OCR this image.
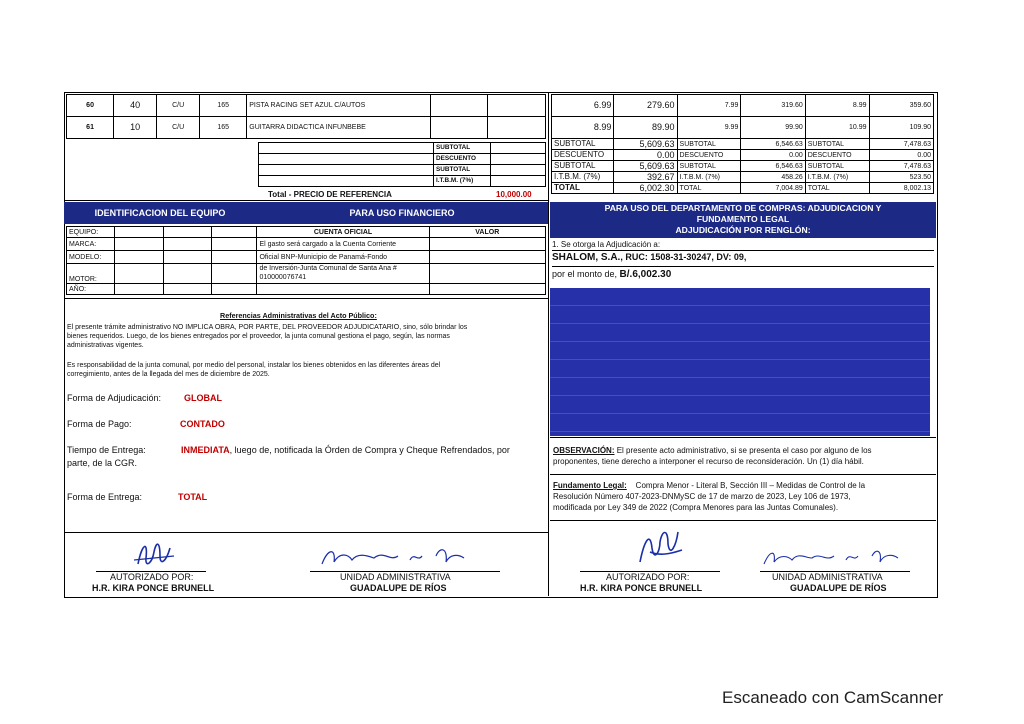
60	40	C/U	165	PISTA RACING SET AZUL C/AUTOS		
61	10	C/U	165	GUITARRA DIDACTICA INFUNBEBE		
	SUBTOTAL	
	DESCUENTO	
	SUBTOTAL	
	I.T.B.M. (7%)	
Total - PRECIO DE REFERENCIA	10,000.00
IDENTIFICACION DEL EQUIPO	PARA USO FINANCIERO
EQUIPO:				CUENTA OFICIAL	VALOR
MARCA:				El gasto será cargado a la Cuenta Corriente	
MODELO:				Oficial BNP-Municipio de Panamá-Fondo	
MOTOR:				de Inversión-Junta Comunal de Santa Ana #
010000076741	
AÑO:					
Referencias Administrativas del Acto Público:
El presente trámite administrativo NO IMPLICA OBRA, POR PARTE, DEL PROVEEDOR ADJUDICATARIO, sino, sólo brindar los
bienes requeridos. Luego, de los bienes entregados por el proveedor, la junta comunal gestiona el pago, según, las normas
administrativas vigentes.
Es responsabilidad de la junta comunal, por medio del personal, instalar los bienes obtenidos en las diferentes áreas del
corregimiento, antes de la llegada del mes de diciembre de 2025.
Forma de Adjudicación:	GLOBAL
Forma de Pago:	CONTADO
Tiempo de Entrega:	INMEDIATA, luego de, notificada la Órden de Compra y Cheque Refrendados, por
parte, de la CGR.
Forma de Entrega:	TOTAL
AUTORIZADO POR:
H.R. KIRA PONCE BRUNELL
UNIDAD ADMINISTRATIVA
GUADALUPE DE RÍOS
6.99	279.60	7.99	319.60	8.99	359.60
8.99	89.90	9.99	99.90	10.99	109.90
SUBTOTAL	5,609.63	SUBTOTAL	6,546.63	SUBTOTAL	7,478.63
DESCUENTO	0.00	DESCUENTO	0.00	DESCUENTO	0.00
SUBTOTAL	5,609.63	SUBTOTAL	6,546.63	SUBTOTAL	7,478.63
I.T.B.M. (7%)	392.67	I.T.B.M. (7%)	458.26	I.T.B.M. (7%)	523.50
TOTAL	6,002.30	TOTAL	7,004.89	TOTAL	8,002.13
PARA USO DEL DEPARTAMENTO DE COMPRAS: ADJUDICACION Y
FUNDAMENTO LEGAL
ADJUDICACIÓN POR RENGLÓN:
1. Se otorga la Adjudicación a:
SHALOM, S.A., RUC: 1508-31-30247, DV: 09,
por el monto de, B/.6,002.30
OBSERVACIÓN: El presente acto administrativo, si se presenta el caso por alguno de los
proponentes, tiene derecho a interponer el recurso de reconsideración. Un (1) día hábil.
Fundamento Legal: Compra Menor - Literal B, Sección III – Medidas de Control de la
Resolución Número 407-2023-DNMySC de 17 de marzo de 2023, Ley 106 de 1973,
modificada por Ley 349 de 2022 (Compra Menores para las Juntas Comunales).
AUTORIZADO POR:
H.R. KIRA PONCE BRUNELL
UNIDAD ADMINISTRATIVA
GUADALUPE DE RÍOS
Escaneado con CamScanner
